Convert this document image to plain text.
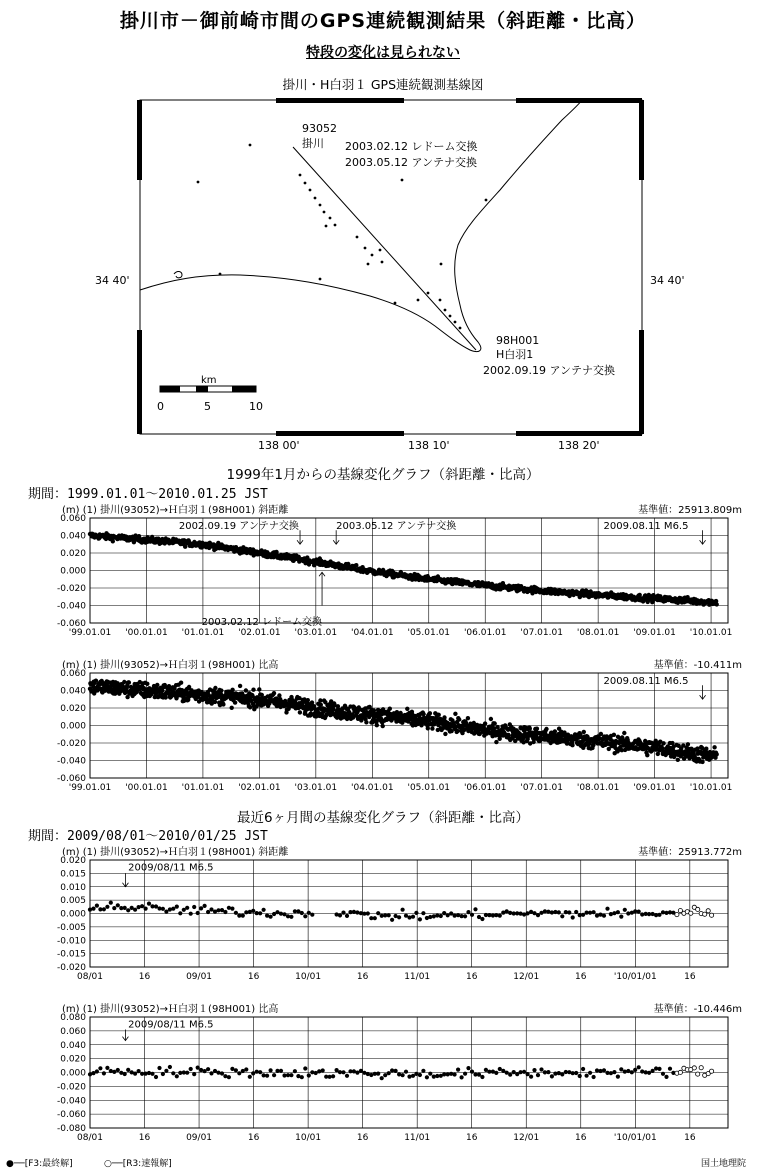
掛川市－御前崎市間のGPS連続観測結果（斜距離・比高）
特段の変化は見られない
掛川・H白羽１ GPS連続観測基線図
93052
掛川 2003.02.12 レドーム交換
2003.05.12 アンテナ交換
98H001
H白羽1
2002.09.19 アンテナ交換
34 40'	34 40'
138 00'	138 10'	138 20'
km
0	5	10
1999年1月からの基線変化グラフ（斜距離・比高）
期間：1999.01.01～2010.01.25 JST
最近6ヶ月間の基線変化グラフ（斜距離・比高）
期間：2009/08/01～2010/01/25 JST
(m) (1) 掛川(93052)→Ｈ白羽１(98H001) 斜距離	基準値：25913.809m
0.060
0.040
0.020
0.000
-0.020
-0.040
-0.060
'99.01.01 '00.01.01 '01.01.01 '02.01.01 '03.01.01 '04.01.01 '05.01.01 '06.01.01 '07.01.01 '08.01.01 '09.01.01 '10.01.01
2002.09.19 アンテナ交換	2003.05.12 アンテナ交換
2003.02.12 レドーム交換
2009.08.11 M6.5
(m) (1) 掛川(93052)→Ｈ白羽１(98H001) 比高	基準値：-10.411m
0.060
0.040
0.020
0.000
-0.020
-0.040
-0.060
'99.01.01 '00.01.01 '01.01.01 '02.01.01 '03.01.01 '04.01.01 '05.01.01 '06.01.01 '07.01.01 '08.01.01 '09.01.01 '10.01.01
2009.08.11 M6.5
(m) (1) 掛川(93052)→Ｈ白羽１(98H001) 斜距離	基準値：25913.772m
0.020
0.015
0.010
0.005
0.000
-0.005
-0.010
-0.015
-0.020
08/01	16	09/01	16	10/01	16	11/01	16	12/01	16	'10/01/01	16
2009/08/11 M6.5
(m) (1) 掛川(93052)→Ｈ白羽１(98H001) 比高	基準値：-10.446m
0.080
0.060
0.040
0.020
0.000
-0.020
-0.040
-0.060
-0.080
08/01	16	09/01	16	10/01	16	11/01	16	12/01	16	'10/01/01	16
2009/08/11 M6.5
●──[F3:最終解]	○──[R3:速報解]	国土地理院
